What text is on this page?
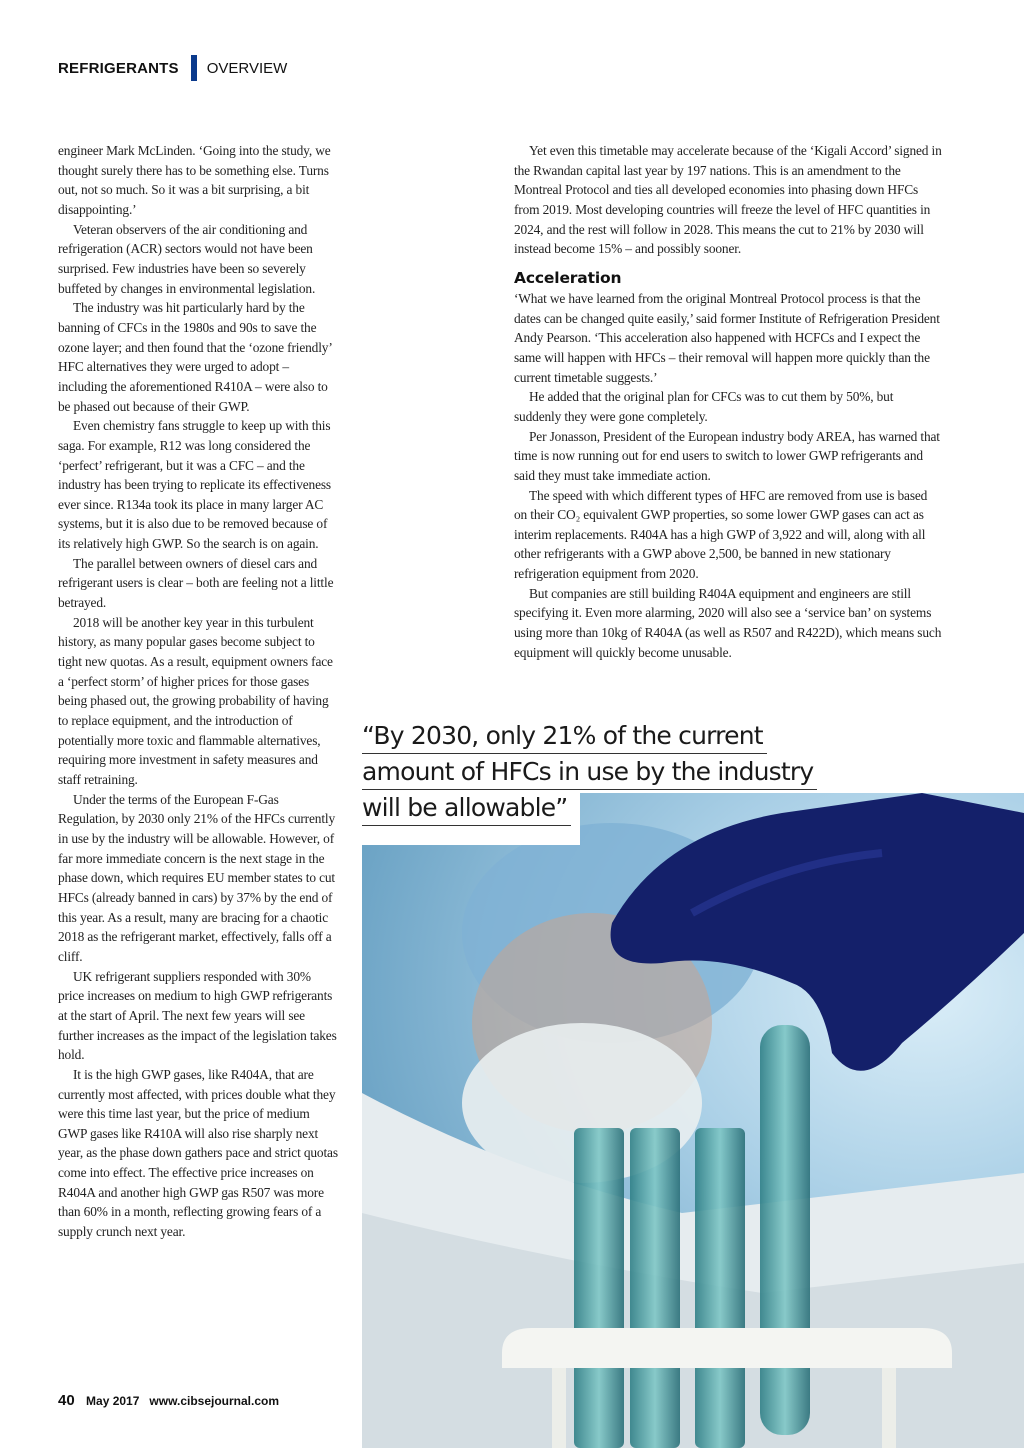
REFRIGERANTS OVERVIEW

engineer Mark McLinden. ‘Going into the study, we thought surely there has to be something else. Turns out, not so much. So it was a bit surprising, a bit disappointing.’

Veteran observers of the air conditioning and refrigeration (ACR) sectors would not have been surprised. Few industries have been so severely buffeted by changes in environmental legislation.

The industry was hit particularly hard by the banning of CFCs in the 1980s and 90s to save the ozone layer; and then found that the ‘ozone friendly’ HFC alternatives they were urged to adopt – including the aforementioned R410A – were also to be phased out because of their GWP.

Even chemistry fans struggle to keep up with this saga. For example, R12 was long considered the ‘perfect’ refrigerant, but it was a CFC – and the industry has been trying to replicate its effectiveness ever since. R134a took its place in many larger AC systems, but it is also due to be removed because of its relatively high GWP. So the search is on again.

The parallel between owners of diesel cars and refrigerant users is clear – both are feeling not a little betrayed.

2018 will be another key year in this turbulent history, as many popular gases become subject to tight new quotas. As a result, equipment owners face a ‘perfect storm’ of higher prices for those gases being phased out, the growing probability of having to replace equipment, and the introduction of potentially more toxic and flammable alternatives, requiring more investment in safety measures and staff retraining.

Under the terms of the European F-Gas Regulation, by 2030 only 21% of the HFCs currently in use by the industry will be allowable. However, of far more immediate concern is the next stage in the phase down, which requires EU member states to cut HFCs (already banned in cars) by 37% by the end of this year. As a result, many are bracing for a chaotic 2018 as the refrigerant market, effectively, falls off a cliff.

UK refrigerant suppliers responded with 30% price increases on medium to high GWP refrigerants at the start of April. The next few years will see further increases as the impact of the legislation takes hold.

It is the high GWP gases, like R404A, that are currently most affected, with prices double what they were this time last year, but the price of medium GWP gases like R410A will also rise sharply next year, as the phase down gathers pace and strict quotas come into effect. The effective price increases on R404A and another high GWP gas R507 was more than 60% in a month, reflecting growing fears of a supply crunch next year.

Yet even this timetable may accelerate because of the ‘Kigali Accord’ signed in the Rwandan capital last year by 197 nations. This is an amendment to the Montreal Protocol and ties all developed economies into phasing down HFCs from 2019. Most developing countries will freeze the level of HFC quantities in 2024, and the rest will follow in 2028. This means the cut to 21% by 2030 will instead become 15% – and possibly sooner.

Acceleration

‘What we have learned from the original Montreal Protocol process is that the dates can be changed quite easily,’ said former Institute of Refrigeration President Andy Pearson. ‘This acceleration also happened with HCFCs and I expect the same will happen with HFCs – their removal will happen more quickly than the current timetable suggests.’

He added that the original plan for CFCs was to cut them by 50%, but suddenly they were gone completely.

Per Jonasson, President of the European industry body AREA, has warned that time is now running out for end users to switch to lower GWP refrigerants and said they must take immediate action.

The speed with which different types of HFC are removed from use is based on their CO₂ equivalent GWP properties, so some lower GWP gases can act as interim replacements. R404A has a high GWP of 3,922 and will, along with all other refrigerants with a GWP above 2,500, be banned in new stationary refrigeration equipment from 2020.

But companies are still building R404A equipment and engineers are still specifying it. Even more alarming, 2020 will also see a ‘service ban’ on systems using more than 10kg of R404A (as well as R507 and R422D), which means such equipment will quickly become unusable.

“By 2030, only 21% of the current
amount of HFCs in use by the industry
will be allowable”
40 May 2017 www.cibsejournal.com
